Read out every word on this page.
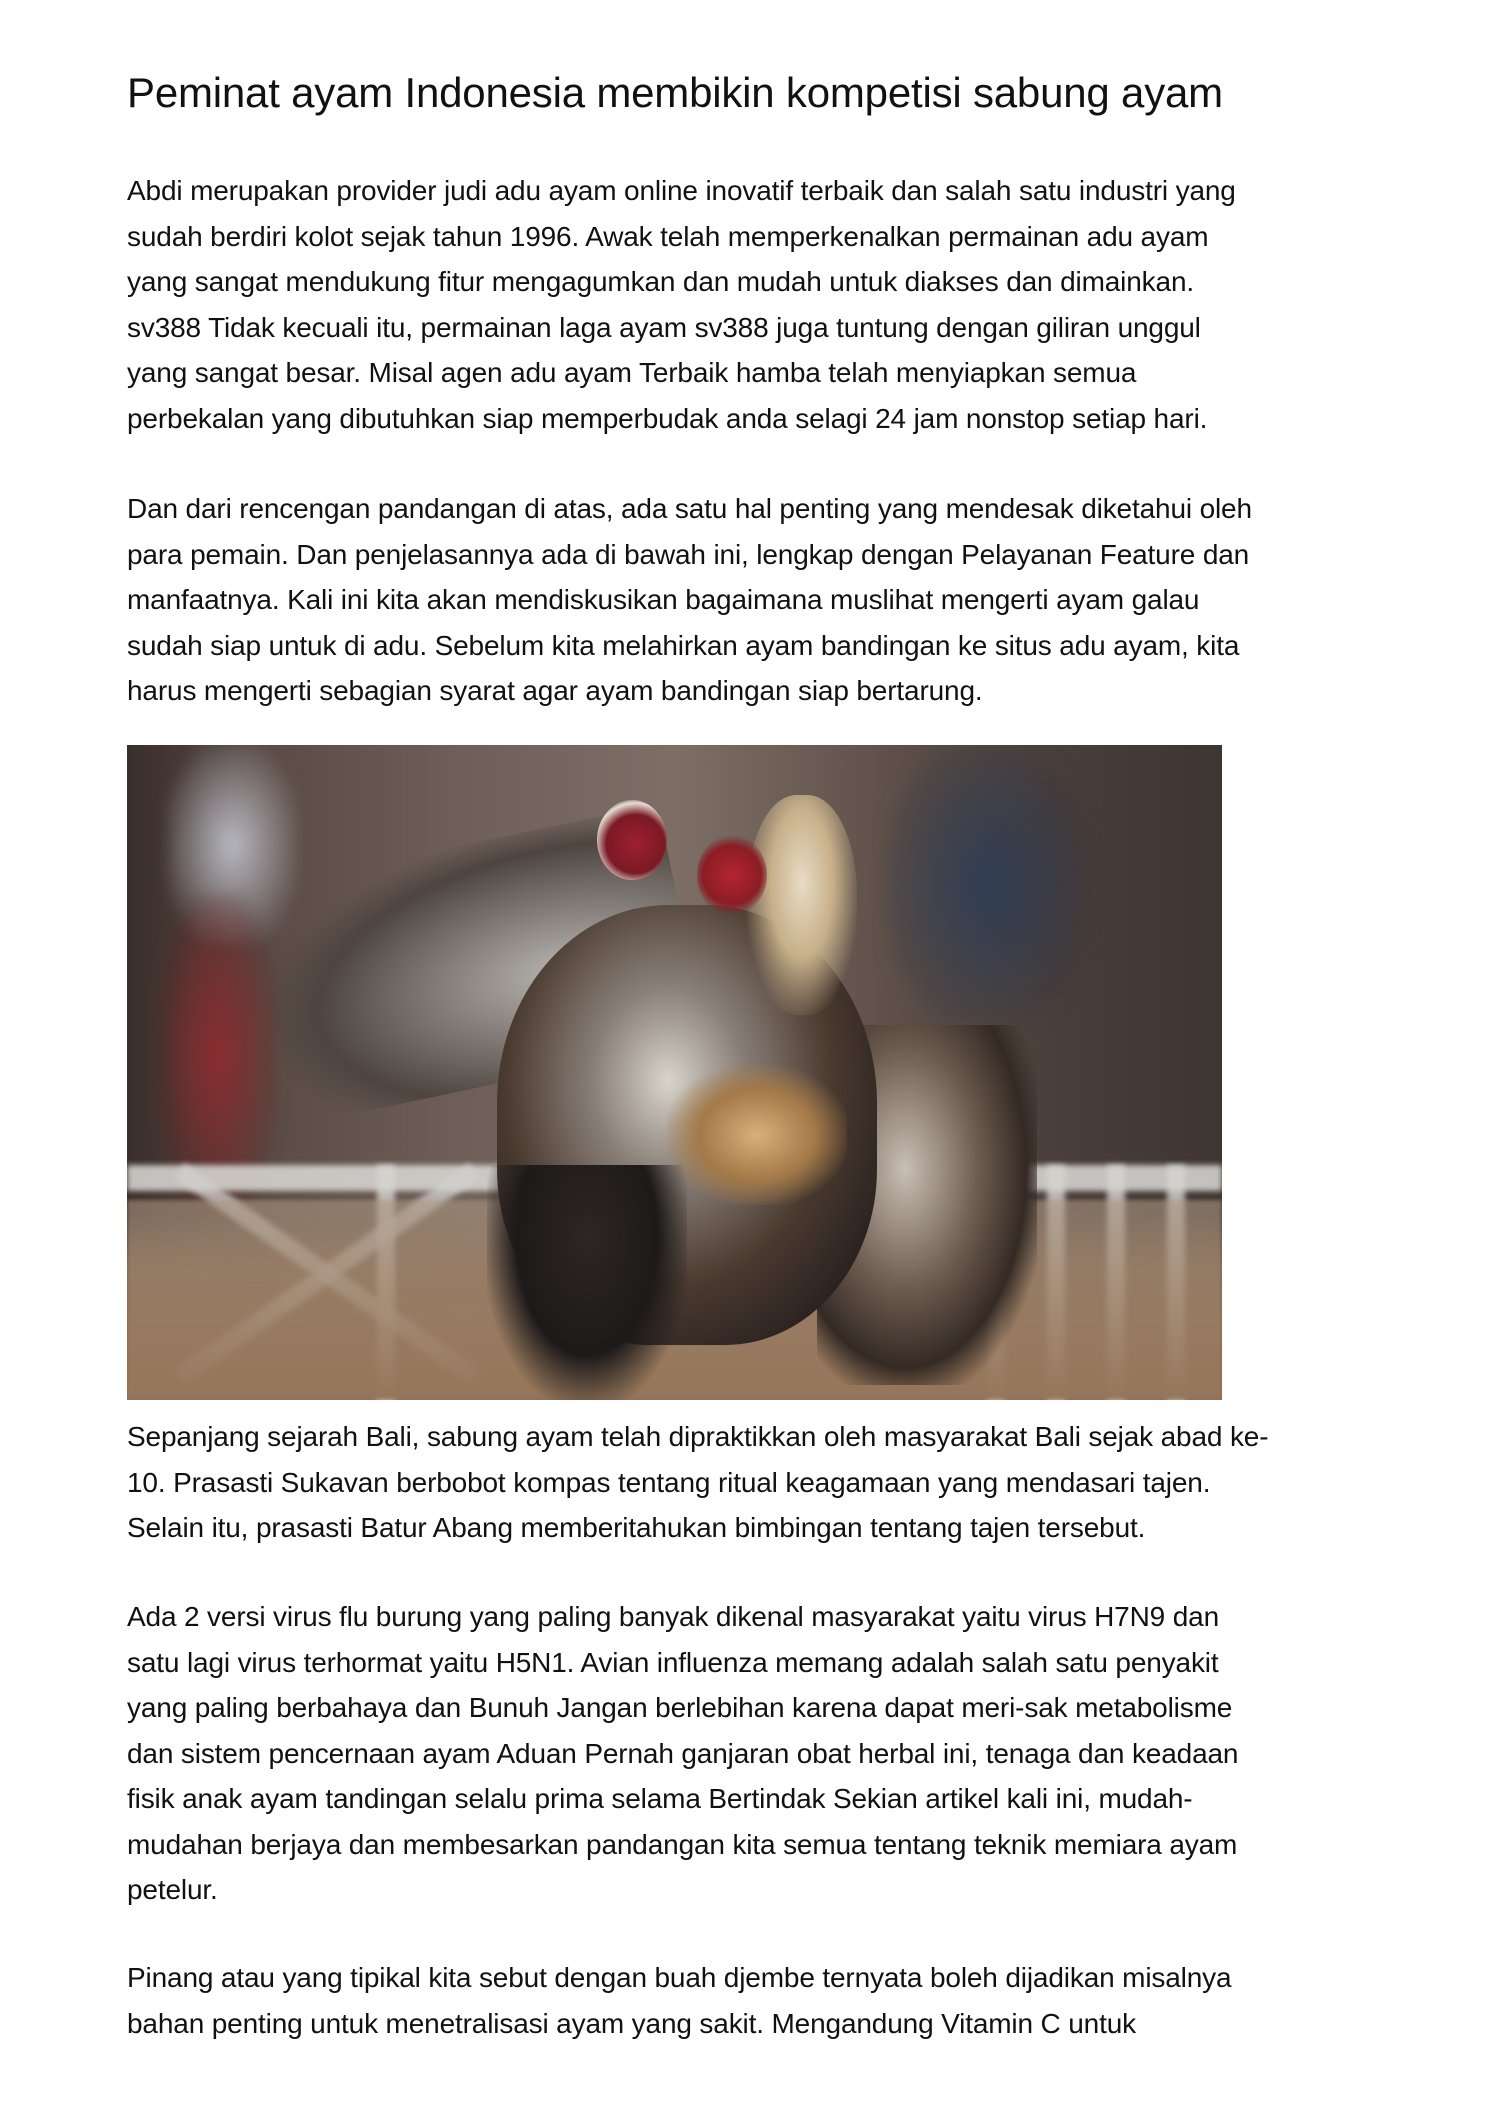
Peminat ayam Indonesia membikin kompetisi sabung ayam

Abdi merupakan provider judi adu ayam online inovatif terbaik dan salah satu industri yang
sudah berdiri kolot sejak tahun 1996. Awak telah memperkenalkan permainan adu ayam
yang sangat mendukung fitur mengagumkan dan mudah untuk diakses dan dimainkan.
sv388 Tidak kecuali itu, permainan laga ayam sv388 juga tuntung dengan giliran unggul
yang sangat besar. Misal agen adu ayam Terbaik hamba telah menyiapkan semua
perbekalan yang dibutuhkan siap memperbudak anda selagi 24 jam nonstop setiap hari.

Dan dari rencengan pandangan di atas, ada satu hal penting yang mendesak diketahui oleh
para pemain. Dan penjelasannya ada di bawah ini, lengkap dengan Pelayanan Feature dan
manfaatnya. Kali ini kita akan mendiskusikan bagaimana muslihat mengerti ayam galau
sudah siap untuk di adu. Sebelum kita melahirkan ayam bandingan ke situs adu ayam, kita
harus mengerti sebagian syarat agar ayam bandingan siap bertarung.

Sepanjang sejarah Bali, sabung ayam telah dipraktikkan oleh masyarakat Bali sejak abad ke-
10. Prasasti Sukavan berbobot kompas tentang ritual keagamaan yang mendasari tajen.
Selain itu, prasasti Batur Abang memberitahukan bimbingan tentang tajen tersebut.

Ada 2 versi virus flu burung yang paling banyak dikenal masyarakat yaitu virus H7N9 dan
satu lagi virus terhormat yaitu H5N1. Avian influenza memang adalah salah satu penyakit
yang paling berbahaya dan Bunuh Jangan berlebihan karena dapat meri-sak metabolisme
dan sistem pencernaan ayam Aduan Pernah ganjaran obat herbal ini, tenaga dan keadaan
fisik anak ayam tandingan selalu prima selama Bertindak Sekian artikel kali ini, mudah-
mudahan berjaya dan membesarkan pandangan kita semua tentang teknik memiara ayam
petelur.

Pinang atau yang tipikal kita sebut dengan buah djembe ternyata boleh dijadikan misalnya
bahan penting untuk menetralisasi ayam yang sakit. Mengandung Vitamin C untuk
